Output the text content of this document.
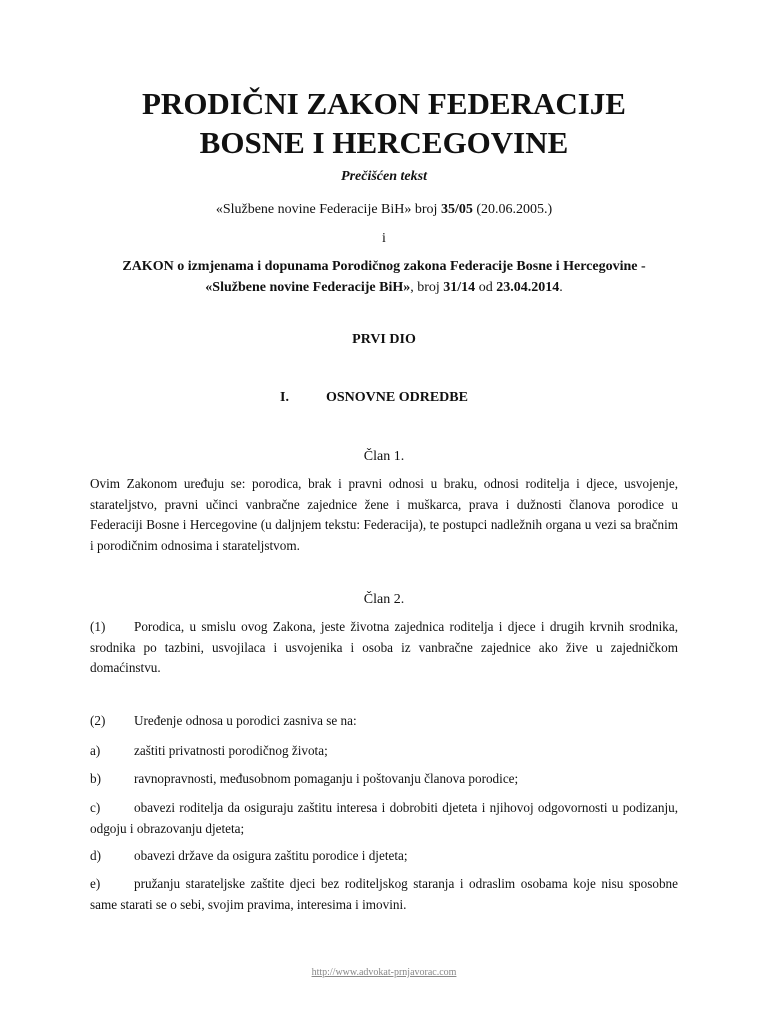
PRODIČNI ZAKON FEDERACIJE
BOSNE I HERCEGOVINE
Prečišćen tekst
«Službene novine Federacije BiH» broj 35/05 (20.06.2005.)
i
ZAKON o izmjenama i dopunama Porodičnog zakona Federacije Bosne i Hercegovine -
«Službene novine Federacije BiH», broj 31/14 od 23.04.2014.
PRVI DIO
I.	OSNOVNE ODREDBE
Član 1.
Ovim Zakonom uređuju se: porodica, brak i pravni odnosi u braku, odnosi roditelja i djece, usvojenje, starateljstvo, pravni učinci vanbračne zajednice žene i muškarca, prava i dužnosti članova porodice u Federaciji Bosne i Hercegovine (u daljnjem tekstu: Federacija), te postupci nadležnih organa u vezi sa bračnim i porodičnim odnosima i starateljstvom.
Član 2.
(1) Porodica, u smislu ovog Zakona, jeste životna zajednica roditelja i djece i drugih krvnih srodnika, srodnika po tazbini, usvojilaca i usvojenika i osoba iz vanbračne zajednice ako žive u zajedničkom domaćinstvu.
(2) Uređenje odnosa u porodici zasniva se na:
a)	zaštiti privatnosti porodičnog života;
b)	ravnopravnosti, međusobnom pomaganju i poštovanju članova porodice;
c)	obavezi roditelja da osiguraju zaštitu interesa i dobrobiti djeteta i njihovoj odgovornosti u podizanju, odgoju i obrazovanju djeteta;
d)	obavezi države da osigura zaštitu porodice i djeteta;
e)	pružanju starateljske zaštite djeci bez roditeljskog staranja i odraslim osobama koje nisu sposobne same starati se o sebi, svojim pravima, interesima i imovini.
http://www.advokat-prnjavorac.com
